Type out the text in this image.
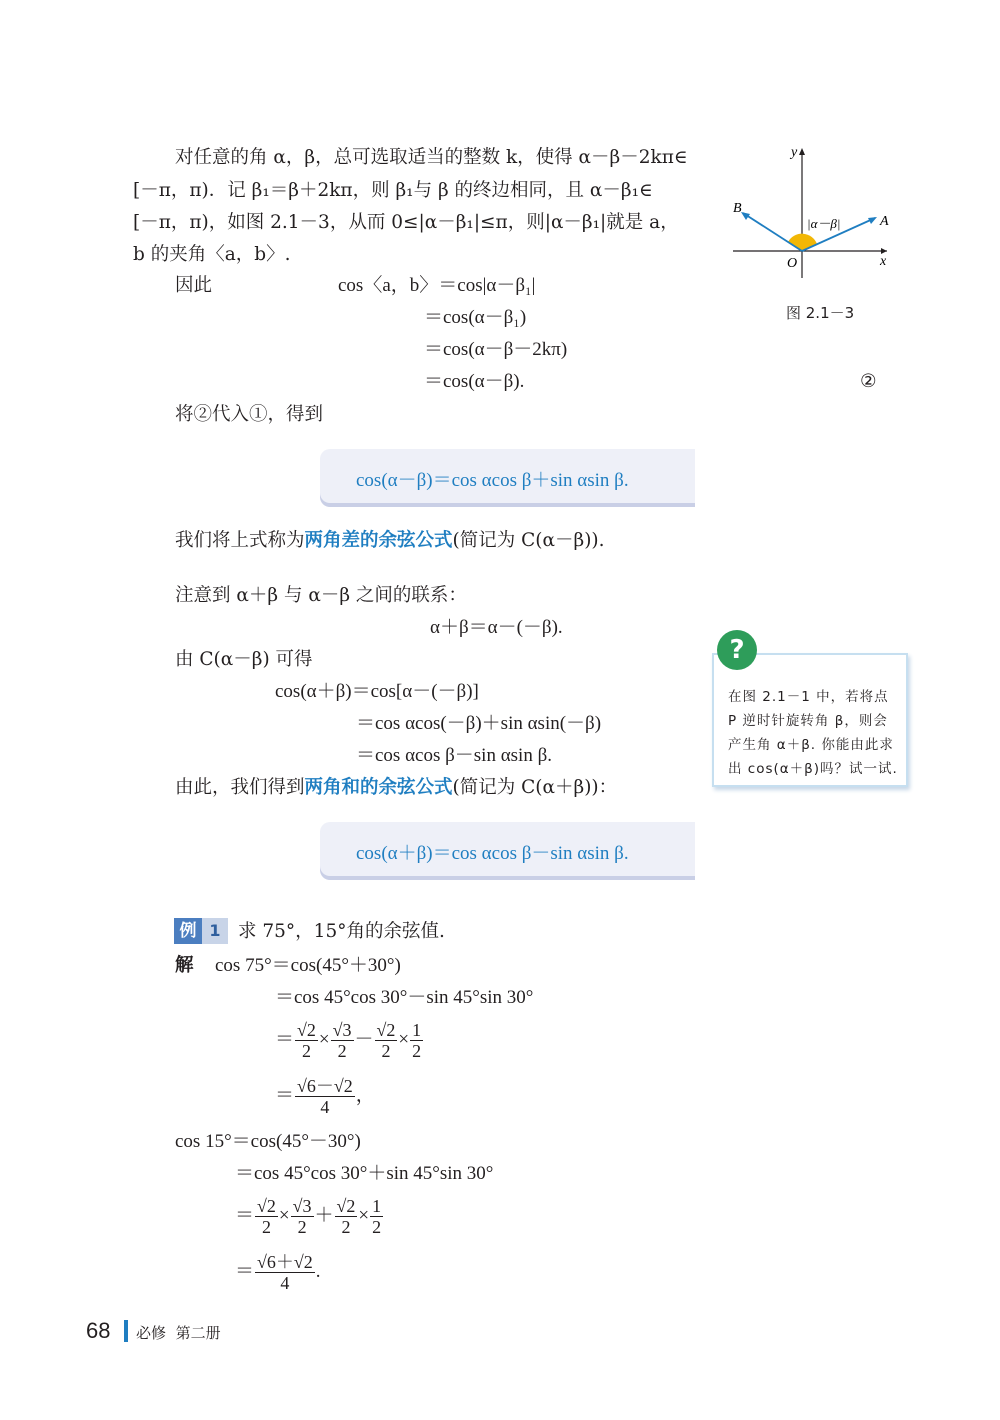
对任意的角 α，β，总可选取适当的整数 k，使得 α－β－2kπ∈
[－π，π)．记 β₁＝β＋2kπ，则 β₁与 β 的终边相同，且 α－β₁∈
[－π，π)，如图 2.1－3，从而 0≤|α－β₁|≤π，则|α－β₁|就是 a，
b 的夹角〈a，b〉.
y
x
O
A
B
|α－β|
图 2.1－3
因此	cos〈a，b〉＝cos|α－β₁|
＝cos(α－β₁)
＝cos(α－β－2kπ)
＝cos(α－β).	②
将②代入①，得到
cos(α－β)＝cos αcos β＋sin αsin β.
我们将上式称为两角差的余弦公式(简记为 C(α－β)).
注意到 α＋β 与 α－β 之间的联系：
α＋β＝α－(－β).
由 C(α－β) 可得
cos(α＋β)＝cos[α－(－β)]
＝cos αcos(－β)＋sin αsin(－β)
＝cos αcos β－sin αsin β.
由此，我们得到两角和的余弦公式(简记为 C(α＋β))：
cos(α＋β)＝cos αcos β－sin αsin β.
在图 2.1－1 中，若将点 P 逆时针旋转角 β，则会产生角 α＋β. 你能由此求出 cos(α＋β)吗？试一试.
?
例 1 求 75°，15°角的余弦值.
解 cos 75°＝cos(45°＋30°)
＝cos 45°cos 30°－sin 45°sin 30°
＝ $\frac{√2}{2} \times \frac{√3}{2} - \frac{√2}{2} \times \frac{1}{2}$
＝ $\frac{√6-√2}{4}$ ，
cos 15°＝cos(45°－30°)
＝cos 45°cos 30°＋sin 45°sin 30°
＝ $\frac{√2}{2} \times \frac{√3}{2} + \frac{√2}{2} \times \frac{1}{2}$
＝ $\frac{√6+√2}{4}$ .
68 必修 第二册
